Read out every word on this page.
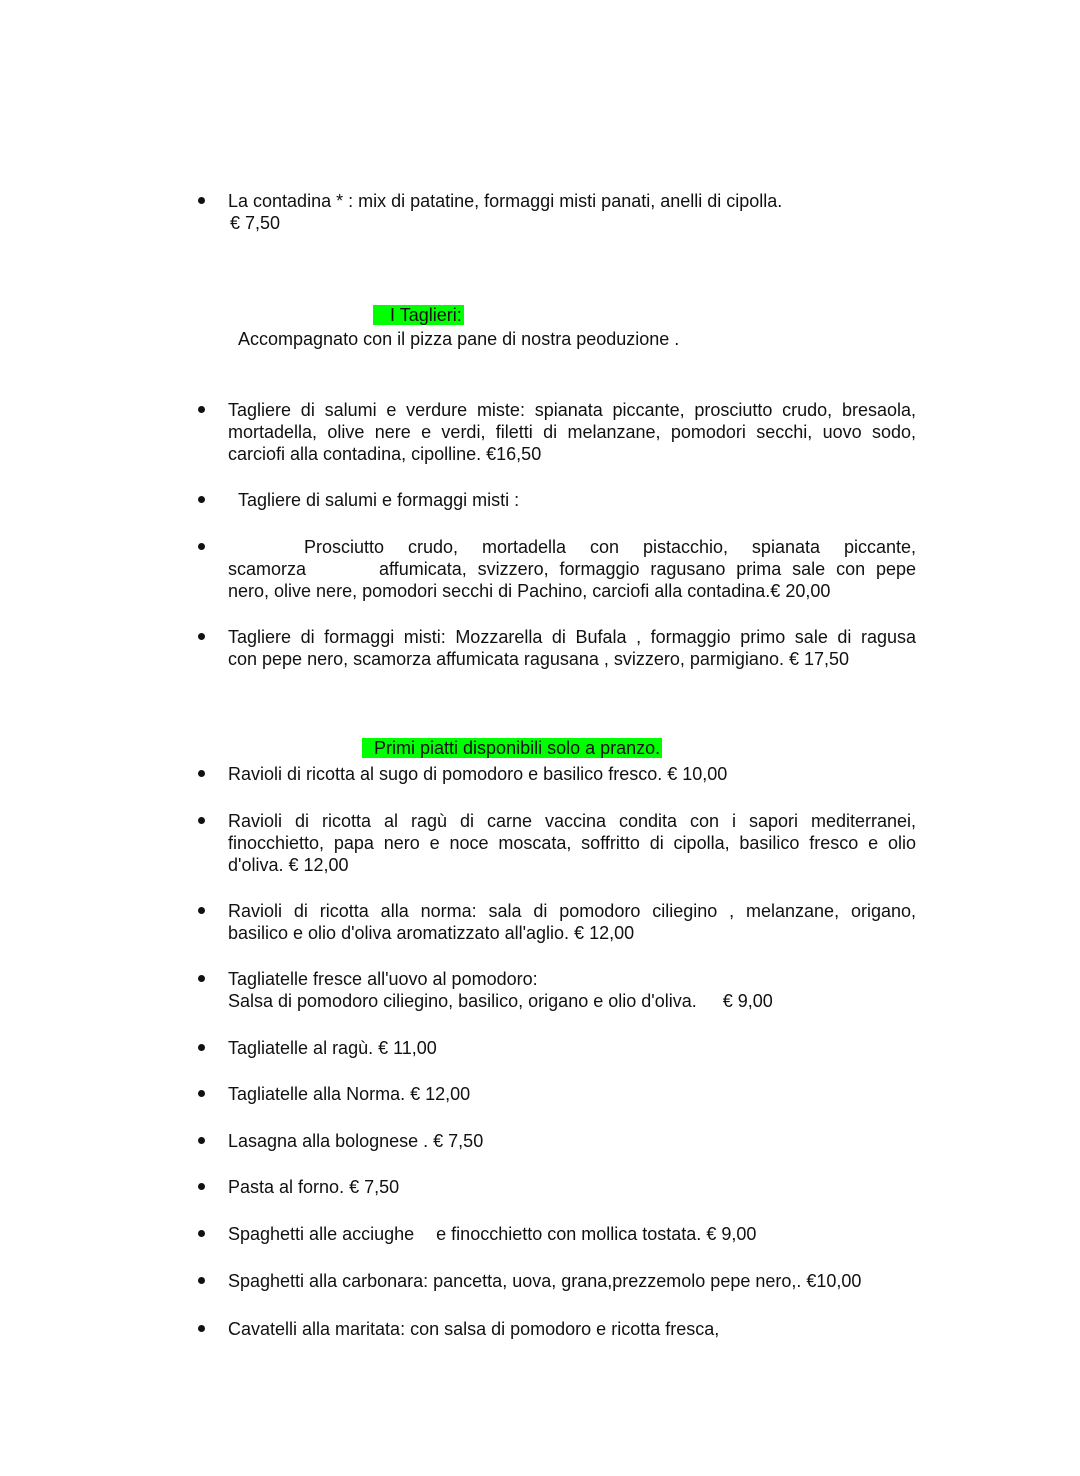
La contadina * : mix di patatine, formaggi misti panati, anelli di cipolla.
€ 7,50

I Taglieri:

Accompagnato con il pizza pane di nostra peoduzione .
Tagliere di salumi e verdure miste: spianata piccante, prosciutto crudo, bresaola,
mortadella, olive nere e verdi, filetti di melanzane, pomodori secchi, uovo sodo,
carciofi alla contadina, cipolline. €16,50
Tagliere di salumi e formaggi misti :
Prosciutto crudo, mortadella con pistacchio, spianata piccante,
scamorza	affumicata, svizzero, formaggio ragusano prima sale con pepe
nero, olive nere, pomodori secchi di Pachino, carciofi alla contadina.€ 20,00
Tagliere di formaggi misti: Mozzarella di Bufala , formaggio primo sale di ragusa
con pepe nero, scamorza affumicata ragusana , svizzero, parmigiano. € 17,50

Primi piatti disponibili solo a pranzo.

Ravioli di ricotta al sugo di pomodoro e basilico fresco. € 10,00
Ravioli di ricotta al ragù di carne vaccina condita con i sapori mediterranei,
finocchietto, papa nero e noce moscata, soffritto di cipolla, basilico fresco e olio
d'oliva. € 12,00
Ravioli di ricotta alla norma: sala di pomodoro ciliegino , melanzane, origano,
basilico e olio d'oliva aromatizzato all'aglio. € 12,00
Tagliatelle fresce all'uovo al pomodoro:
Salsa di pomodoro ciliegino, basilico, origano e olio d'oliva. € 9,00
Tagliatelle al ragù. € 11,00
Tagliatelle alla Norma. € 12,00
Lasagna alla bolognese . € 7,50
Pasta al forno. € 7,50
Spaghetti alle acciughe e finocchietto con mollica tostata. € 9,00
Spaghetti alla carbonara: pancetta, uova, grana,prezzemolo pepe nero,. €10,00
Cavatelli alla maritata: con salsa di pomodoro e ricotta fresca,
